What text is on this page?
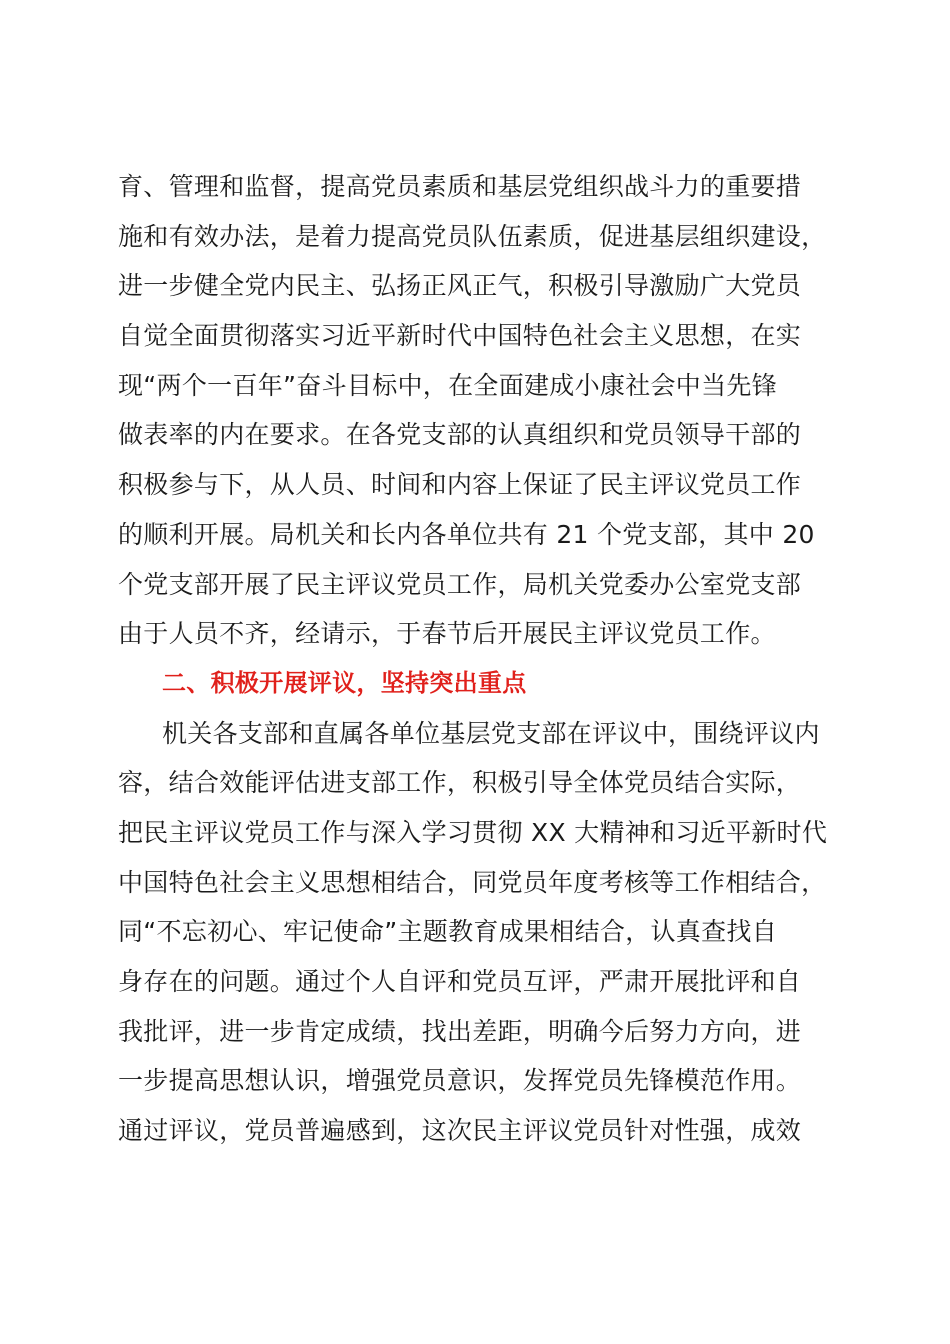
育、管理和监督，提高党员素质和基层党组织战斗力的重要措
施和有效办法，是着力提高党员队伍素质，促进基层组织建设，
进一步健全党内民主、弘扬正风正气，积极引导激励广大党员
自觉全面贯彻落实习近平新时代中国特色社会主义思想，在实
现“两个一百年”奋斗目标中，在全面建成小康社会中当先锋
做表率的内在要求。在各党支部的认真组织和党员领导干部的
积极参与下，从人员、时间和内容上保证了民主评议党员工作
的顺利开展。局机关和长内各单位共有 21 个党支部，其中 20
个党支部开展了民主评议党员工作，局机关党委办公室党支部
由于人员不齐，经请示，于春节后开展民主评议党员工作。
二、积极开展评议，坚持突出重点
机关各支部和直属各单位基层党支部在评议中，围绕评议内
容，结合效能评估进支部工作，积极引导全体党员结合实际，
把民主评议党员工作与深入学习贯彻 XX 大精神和习近平新时代
中国特色社会主义思想相结合，同党员年度考核等工作相结合，
同“不忘初心、牢记使命”主题教育成果相结合，认真查找自
身存在的问题。通过个人自评和党员互评，严肃开展批评和自
我批评，进一步肯定成绩，找出差距，明确今后努力方向，进
一步提高思想认识，增强党员意识，发挥党员先锋模范作用。
通过评议，党员普遍感到，这次民主评议党员针对性强，成效
